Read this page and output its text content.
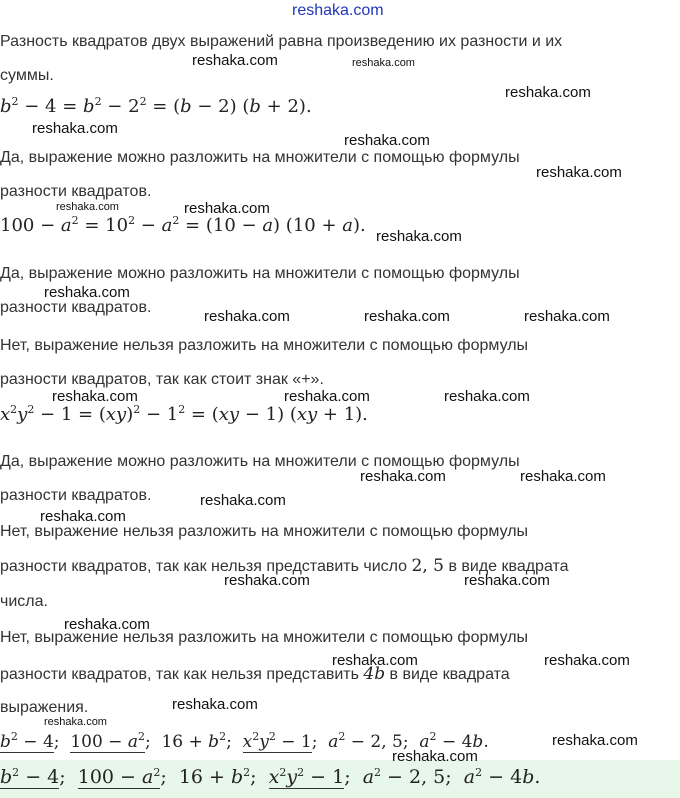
reshaka.com
Разность квадратов двух выражений равна произведению их разности и их
суммы.
$b^2 - 4 = b^2 - 2^2 = (b - 2) (b + 2)$.
Да, выражение можно разложить на множители с помощью формулы
разности квадратов.
$100 - a^2 = 10^2 - a^2 = (10 - a) (10 + a)$.
Да, выражение можно разложить на множители с помощью формулы
разности квадратов.
Нет, выражение нельзя разложить на множители с помощью формулы
разности квадратов, так как стоит знак «+».
$x^2y^2 - 1 = (xy)^2 - 1^2 = (xy - 1) (xy + 1)$.
Да, выражение можно разложить на множители с помощью формулы
разности квадратов.
Нет, выражение нельзя разложить на множители с помощью формулы
разности квадратов, так как нельзя представить число 2, 5 в виде квадрата
числа.
Нет, выражение нельзя разложить на множители с помощью формулы
разности квадратов, так как нельзя представить 4b в виде квадрата
выражения.
$b^2 - 4$;  $100 - a^2$;  $16 + b^2$;  $x^2y^2 - 1$;  $a^2 - 2$, 5;  $a^2 - 4b$.
$b^2 - 4$;  $100 - a^2$;  $16 + b^2$;  $x^2y^2 - 1$;  $a^2 - 2$, 5;  $a^2 - 4b$.
reshaka.com	reshaka.com
reshaka.com
reshaka.com
reshaka.com
reshaka.com
reshaka.com	reshaka.com
reshaka.com
reshaka.com
reshaka.com	reshaka.com	reshaka.com
reshaka.com	reshaka.com	reshaka.com
reshaka.com	reshaka.com
reshaka.com
reshaka.com
reshaka.com	reshaka.com
reshaka.com
reshaka.com	reshaka.com
reshaka.com
reshaka.com
reshaka.com
reshaka.com
